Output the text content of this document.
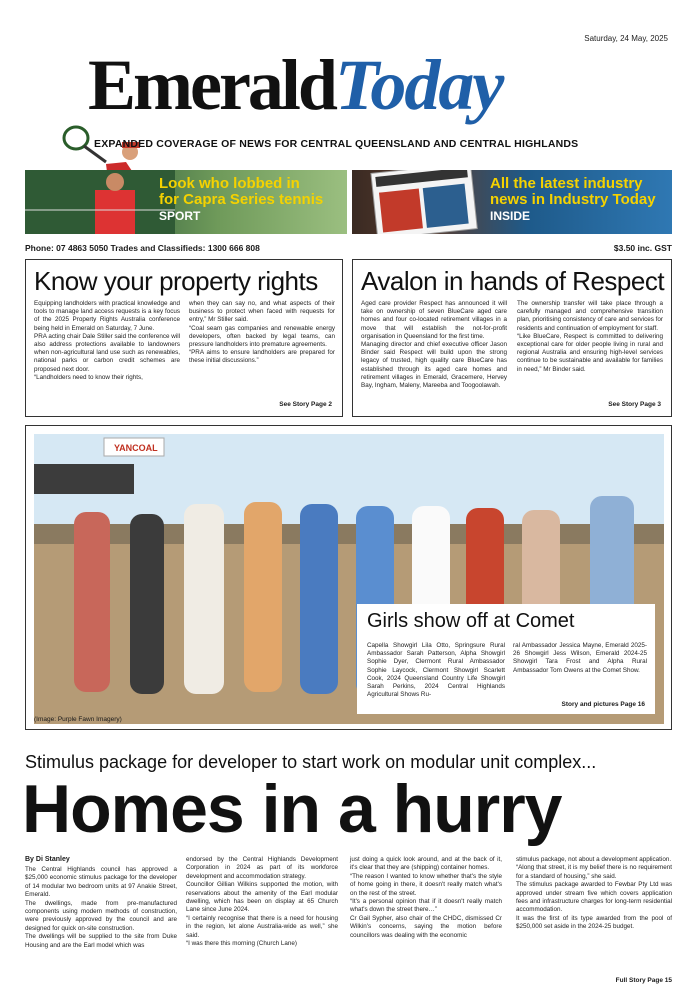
Saturday, 24 May, 2025
EmeraldToday
EXPANDED COVERAGE OF NEWS FOR CENTRAL QUEENSLAND AND CENTRAL HIGHLANDS
Look who lobbed in
for Capra Series tennis
SPORT
All the latest industry
news in Industry Today
INSIDE
Phone: 07 4863 5050 Trades and Classifieds: 1300 666 808	$3.50 inc. GST
Know your property rights
Equipping landholders with practical knowledge and tools to manage land access requests is a key focus of the 2025 Property Rights Australia conference being held in Emerald on Saturday, 7 June.
PRA acting chair Dale Stiller said the conference will also address protections available to landowners when non-agricultural land use such as renewables, national parks or carbon credit schemes are proposed next door.
“Landholders need to know their rights,
when they can say no, and what aspects of their business to protect when faced with requests for entry,” Mr Stiller said.
“Coal seam gas companies and renewable energy developers, often backed by legal teams, can pressure landholders into premature agreements.
“PRA aims to ensure landholders are prepared for these initial discussions.”
See Story Page 2
Avalon in hands of Respect
Aged care provider Respect has announced it will take on ownership of seven BlueCare aged care homes and four co-located retirement villages in a move that will establish the not-for-profit organisation in Queensland for the first time.
Managing director and chief executive officer Jason Binder said Respect will build upon the strong legacy of trusted, high quality care BlueCare has established through its aged care homes and retirement villages in Emerald, Gracemere, Hervey Bay, Ingham, Maleny, Mareeba and Toogoolawah.
The ownership transfer will take place through a carefully managed and comprehensive transition plan, prioritising consistency of care and services for residents and continuation of employment for staff.
“Like BlueCare, Respect is committed to delivering exceptional care for older people living in rural and regional Australia and ensuring high-level services continue to be sustainable and available for families in need,” Mr Binder said.
See Story Page 3
YANCOAL
Girls show off at Comet
Capella Showgirl Lila Otto, Springsure Rural Ambassador Sarah Patterson, Alpha Showgirl Sophie Dyer, Clermont Rural Ambassador Sophie Laycock, Clermont Showgirl Scarlett Cook, 2024 Queensland Country Life Showgirl Sarah Perkins, 2024 Central Highlands Agricultural Shows Ru-
ral Ambassador Jessica Mayne, Emerald 2025-26 Showgirl Jess Wilson, Emerald 2024-25 Showgirl Tara Frost and Alpha Rural Ambassador Tom Owens at the Comet Show.
Story and pictures Page 16
(Image: Purple Fawn Imagery)
Stimulus package for developer to start work on modular unit complex...
Homes in a hurry
By Di Stanley
The Central Highlands council has approved a $25,000 economic stimulus package for the developer of 14 modular two bedroom units at 97 Anakie Street, Emerald.
The dwellings, made from pre-manufactured components using modern methods of construction, were previously approved by the council and are designed for quick on-site construction.
The dwellings will be supplied to the site from Duke Housing and are the Earl model which was
endorsed by the Central Highlands Development Corporation in 2024 as part of its workforce development and accommodation strategy.
Councillor Gillian Wilkins supported the motion, with reservations about the amenity of the Earl modular dwelling, which has been on display at 65 Church Lane since June 2024.
“I certainly recognise that there is a need for housing in the region, let alone Australia-wide as well,” she said.
“I was there this morning (Church Lane)
just doing a quick look around, and at the back of it, it's clear that they are (shipping) container homes.
“The reason I wanted to know whether that's the style of home going in there, it doesn't really match what's on the rest of the street.
“It's a personal opinion that if it doesn't really match what's down the street there…”
Cr Gail Sypher, also chair of the CHDC, dismissed Cr Wilkin's concerns, saying the motion before councillors was dealing with the economic
stimulus package, not about a development application.
“Along that street, it is my belief there is no requirement for a standard of housing,” she said.
The stimulus package awarded to Fewbar Pty Ltd was approved under stream five which covers application fees and infrastructure charges for long-term residential accommodation.
It was the first of its type awarded from the pool of $250,000 set aside in the 2024-25 budget.
Full Story Page 15
